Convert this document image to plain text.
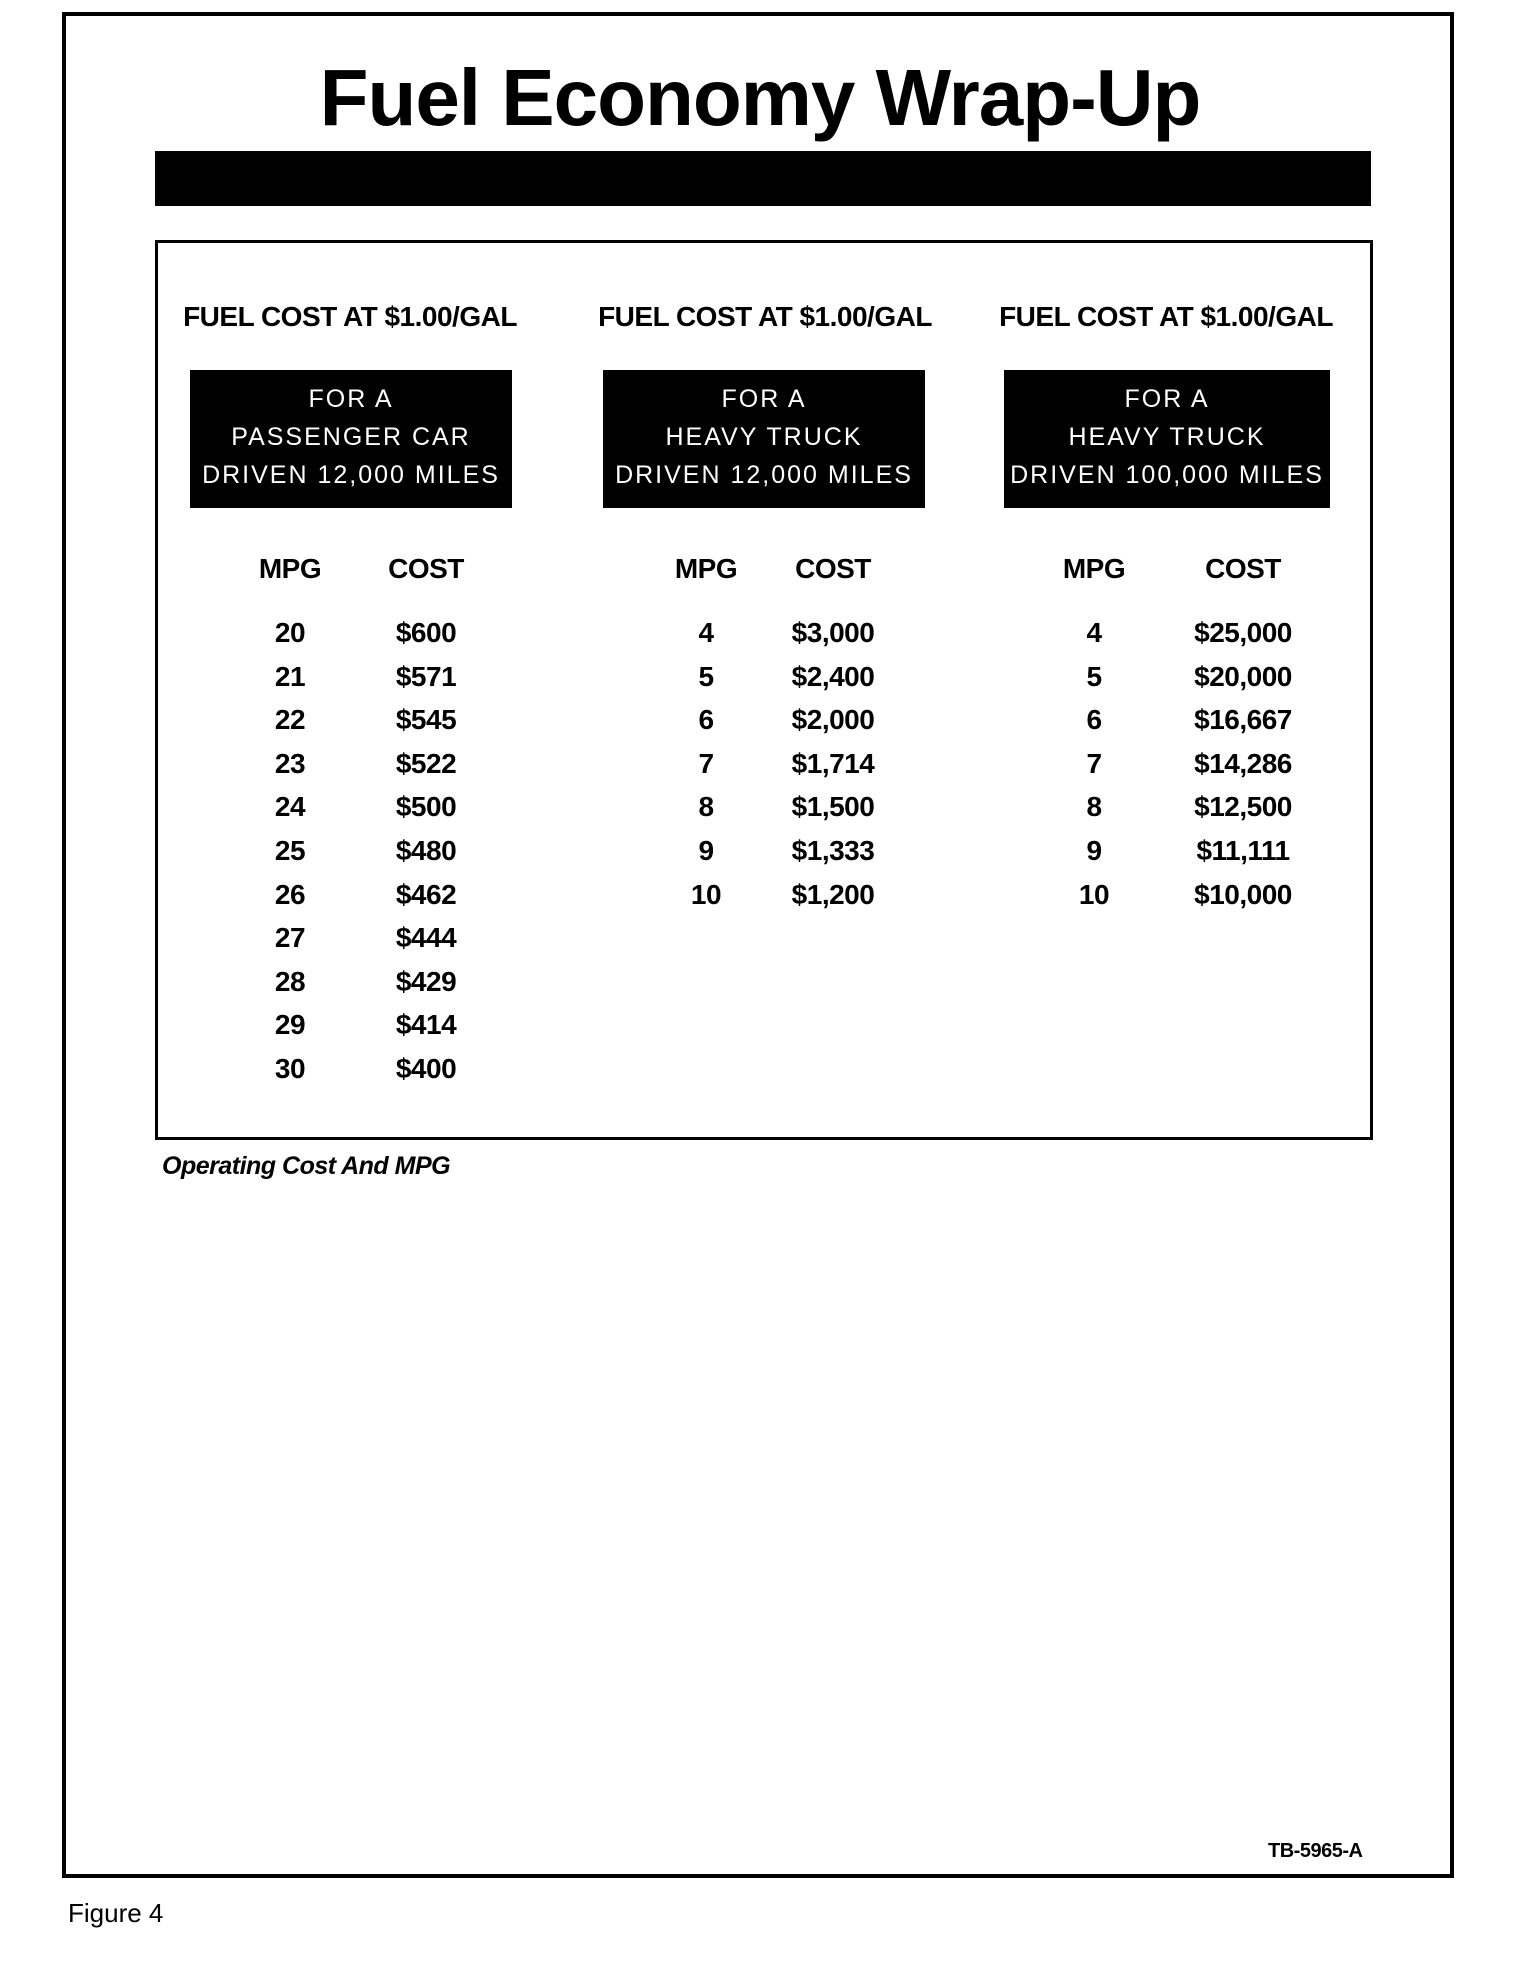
Fuel Economy Wrap-Up
FUEL COST AT $1.00/GAL
FOR A
PASSENGER CAR
DRIVEN 12,000 MILES
MPG COST
20	$600
21	$571
22	$545
23	$522
24	$500
25	$480
26	$462
27	$444
28	$429
29	$414
30	$400
FUEL COST AT $1.00/GAL
FOR A
HEAVY TRUCK
DRIVEN 12,000 MILES
MPG COST
4	$3,000
5	$2,400
6	$2,000
7	$1,714
8	$1,500
9	$1,333
10	$1,200
FUEL COST AT $1.00/GAL
FOR A
HEAVY TRUCK
DRIVEN 100,000 MILES
MPG	COST
4	$25,000
5	$20,000
6	$16,667
7	$14,286
8	$12,500
9	$11,111
10	$10,000
Operating Cost And MPG
TB-5965-A
Figure 4
